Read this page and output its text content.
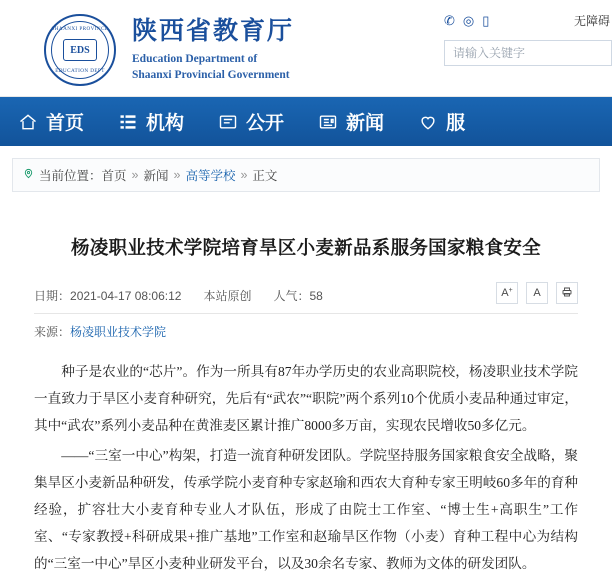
SHAANXI PROVINCE
EDS
EDUCATION DEPT
陕西省教育厅
Education Department of
Shaanxi Provincial Government
✆ ◎ ▯	无障碍
请输入关键字
首页	机构	公开	新闻	服
当前位置： 首页 » 新闻 » 高等学校 » 正文
杨凌职业技术学院培育旱区小麦新品系服务国家粮食安全
日期：2021-04-17 08:06:12 本站原创 人气：58	A+ A
来源：杨凌职业技术学院

种子是农业的“芯片”。作为一所具有87年办学历史的农业高职院校，杨凌职业技术学院一直致力于旱区小麦育种研究，先后有“武农”“职院”两个系列10个优质小麦品种通过审定，其中“武农”系列小麦品种在黄淮麦区累计推广8000多万亩，实现农民增收50多亿元。

——“三室一中心”构架，打造一流育种研发团队。学院坚持服务国家粮食安全战略，聚集旱区小麦新品种研发，传承学院小麦育种专家赵瑜和西农大育种专家王明岐60多年的育种经验，扩容壮大小麦育种专业人才队伍，形成了由院士工作室、“博士生+高职生”工作室、“专家教授+科研成果+推广基地”工作室和赵瑜旱区作物（小麦）育种工程中心为结构的“三室一中心”旱区小麦种业研发平台，以及30余名专家、教师为文体的研发团队。
